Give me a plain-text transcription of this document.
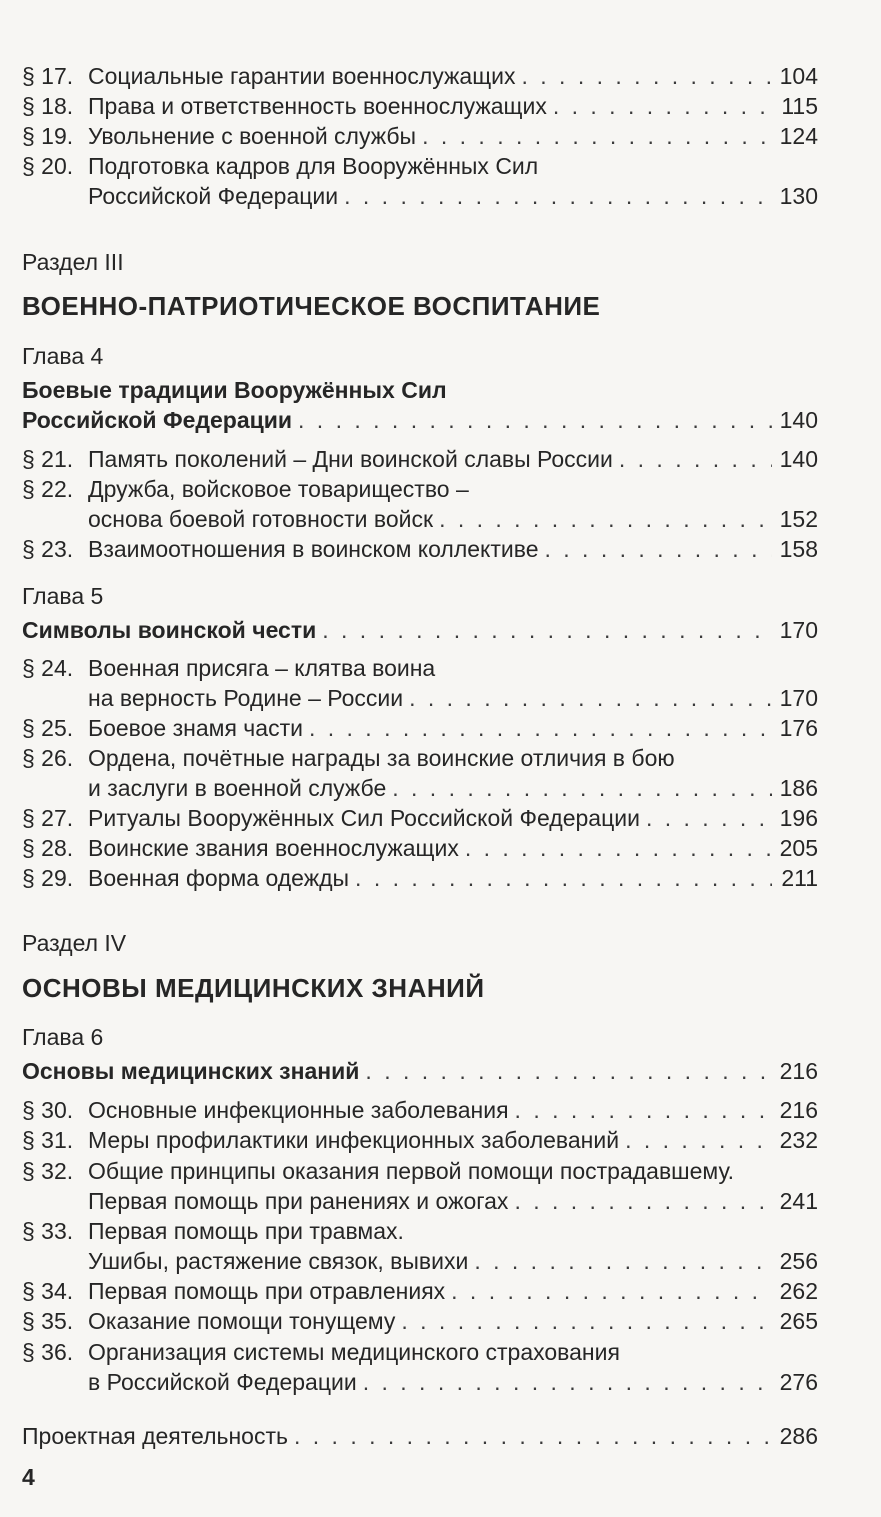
§ 17. Социальные гарантии военнослужащих . . .	104
§ 18. Права и ответственность военнослужащих . . .	115
§ 19. Увольнение с военной службы . . .	124
§ 20. Подготовка кадров для Вооружённых Сил
Российской Федерации . . .	130
Раздел III
ВОЕННО-ПАТРИОТИЧЕСКОЕ ВОСПИТАНИЕ
Глава 4
Боевые традиции Вооружённых Сил
Российской Федерации . . .	140
§ 21. Память поколений – Дни воинской славы России . . .	140
§ 22. Дружба, войсковое товарищество –
основа боевой готовности войск . . .	152
§ 23. Взаимоотношения в воинском коллективе . . .	158
Глава 5
Символы воинской чести . . .	170
§ 24. Военная присяга – клятва воина
на верность Родине – России . . .	170
§ 25. Боевое знамя части . . .	176
§ 26. Ордена, почётные награды за воинские отличия в бою
и заслуги в военной службе . . .	186
§ 27. Ритуалы Вооружённых Сил Российской Федерации . . .	196
§ 28. Воинские звания военнослужащих . . .	205
§ 29. Военная форма одежды . . .	211
Раздел IV
ОСНОВЫ МЕДИЦИНСКИХ ЗНАНИЙ
Глава 6
Основы медицинских знаний . . .	216
§ 30. Основные инфекционные заболевания . . .	216
§ 31. Меры профилактики инфекционных заболеваний . . .	232
§ 32. Общие принципы оказания первой помощи пострадавшему.
Первая помощь при ранениях и ожогах . . .	241
§ 33. Первая помощь при травмах.
Ушибы, растяжение связок, вывихи . . .	256
§ 34. Первая помощь при отравлениях . . .	262
§ 35. Оказание помощи тонущему . . .	265
§ 36. Организация системы медицинского страхования
в Российской Федерации . . .	276
Проектная деятельность . . .	286
4
